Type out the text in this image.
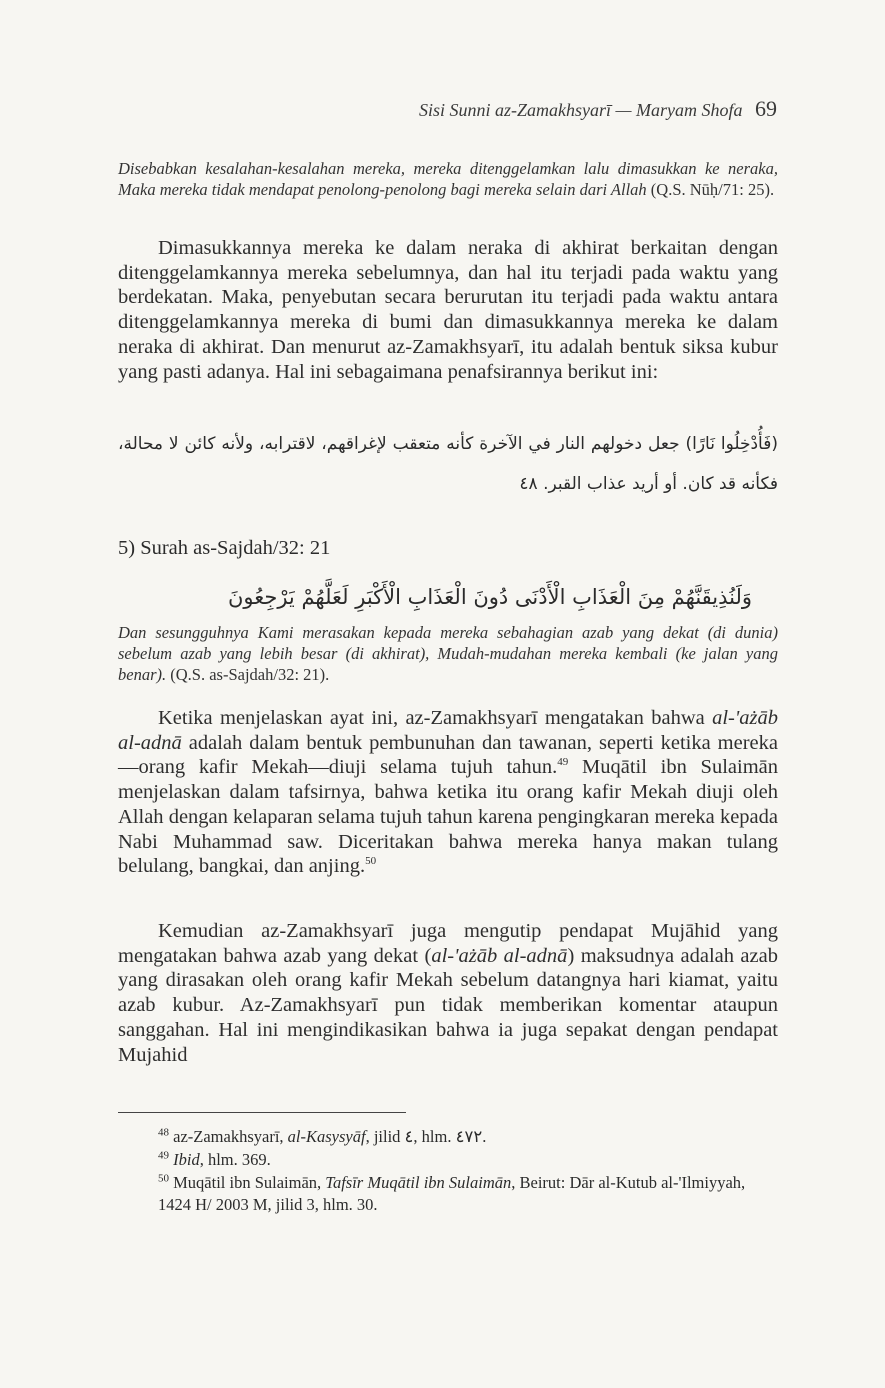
Sisi Sunni az-Zamakhsyarī — Maryam Shofa 69
Disebabkan kesalahan-kesalahan mereka, mereka ditenggelamkan lalu dimasukkan ke neraka, Maka mereka tidak mendapat penolong-penolong bagi mereka selain dari Allah (Q.S. Nūḥ/71: 25).
Dimasukkannya mereka ke dalam neraka di akhirat berkaitan dengan ditenggelamkannya mereka sebelumnya, dan hal itu terjadi pada waktu yang berdekatan. Maka, penyebutan secara berurutan itu terjadi pada waktu antara ditenggelamkannya mereka di bumi dan dimasukkannya mereka ke dalam neraka di akhirat. Dan menurut az-Zamakhsyarī, itu adalah bentuk siksa kubur yang pasti adanya. Hal ini sebagaimana penafsirannya berikut ini:
(فَأُدْخِلُوا نَارًا) جعل دخولهم النار في الآخرة كأنه متعقب لإغراقهم، لاقترابه، ولأنه كائن لا محالة، فكأنه قد كان. أو أريد عذاب القبر. ٤٨
5) Surah as-Sajdah/32: 21
وَلَنُذِيقَنَّهُمْ مِنَ الْعَذَابِ الْأَدْنَى دُونَ الْعَذَابِ الْأَكْبَرِ لَعَلَّهُمْ يَرْجِعُونَ
Dan sesungguhnya Kami merasakan kepada mereka sebahagian azab yang dekat (di dunia) sebelum azab yang lebih besar (di akhirat), Mudah-mudahan mereka kembali (ke jalan yang benar). (Q.S. as-Sajdah/32: 21).
Ketika menjelaskan ayat ini, az-Zamakhsyarī mengatakan bahwa al-'ażāb al-adnā adalah dalam bentuk pembunuhan dan tawanan, seperti ketika mereka—orang kafir Mekah—diuji selama tujuh tahun.$^{49}$ Muqātil ibn Sulaimān menjelaskan dalam tafsirnya, bahwa ketika itu orang kafir Mekah diuji oleh Allah dengan kelaparan selama tujuh tahun karena pengingkaran mereka kepada Nabi Muhammad saw. Diceritakan bahwa mereka hanya makan tulang belulang, bangkai, dan anjing.$^{50}$
Kemudian az-Zamakhsyarī juga mengutip pendapat Mujāhid yang mengatakan bahwa azab yang dekat (al-'ażāb al-adnā) maksudnya adalah azab yang dirasakan oleh orang kafir Mekah sebelum datangnya hari kiamat, yaitu azab kubur. Az-Zamakhsyarī pun tidak memberikan komentar ataupun sanggahan. Hal ini mengindikasikan bahwa ia juga sepakat dengan pendapat Mujahid
$^{48}$ az-Zamakhsyarī, al-Kasysyāf, jilid ٤, hlm. ٤٧٢.
$^{49}$ Ibid, hlm. 369.
$^{50}$ Muqātil ibn Sulaimān, Tafsīr Muqātil ibn Sulaimān, Beirut: Dār al-Kutub al-'Ilmiyyah, 1424 H/ 2003 M, jilid 3, hlm. 30.
